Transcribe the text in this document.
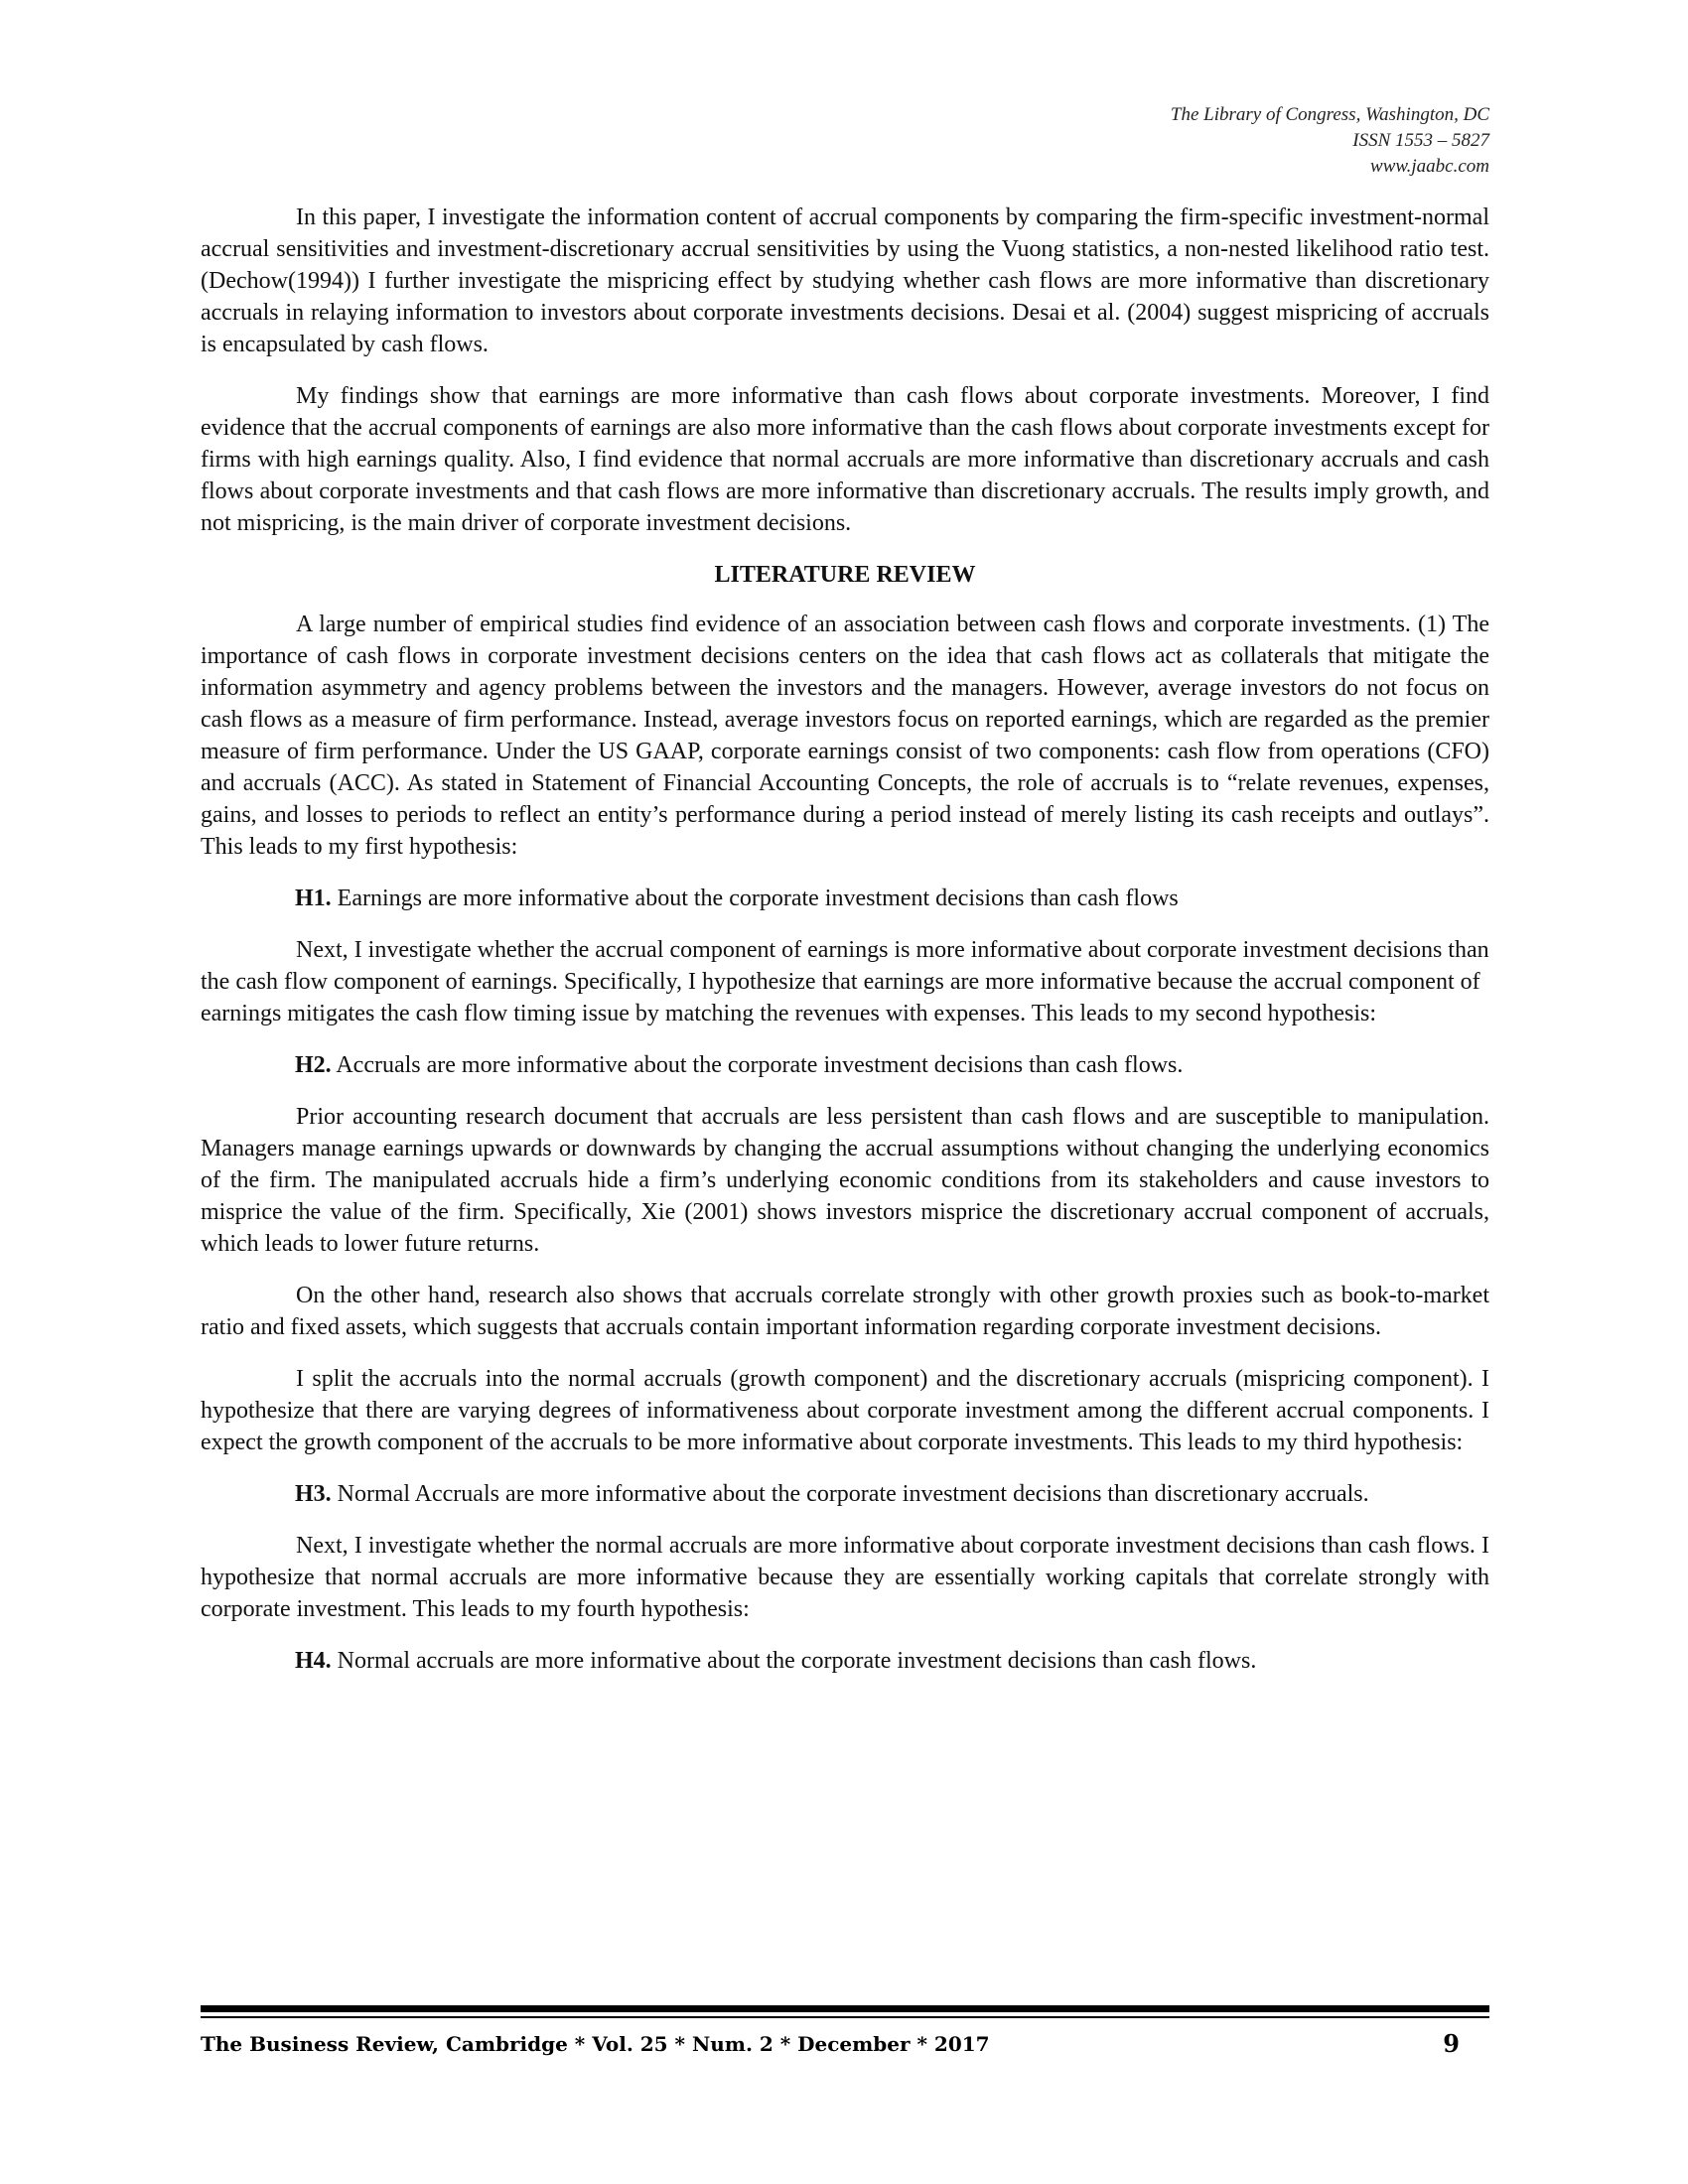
The Library of Congress, Washington, DC
ISSN 1553 – 5827
www.jaabc.com

In this paper, I investigate the information content of accrual components by comparing the firm-specific investment-normal accrual sensitivities and investment-discretionary accrual sensitivities by using the Vuong statistics, a non-nested likelihood ratio test. (Dechow(1994)) I further investigate the mispricing effect by studying whether cash flows are more informative than discretionary accruals in relaying information to investors about corporate investments decisions. Desai et al. (2004) suggest mispricing of accruals is encapsulated by cash flows.

My findings show that earnings are more informative than cash flows about corporate investments. Moreover, I find evidence that the accrual components of earnings are also more informative than the cash flows about corporate investments except for firms with high earnings quality. Also, I find evidence that normal accruals are more informative than discretionary accruals and cash flows about corporate investments and that cash flows are more informative than discretionary accruals. The results imply growth, and not mispricing, is the main driver of corporate investment decisions.

LITERATURE REVIEW

A large number of empirical studies find evidence of an association between cash flows and corporate investments. (1) The importance of cash flows in corporate investment decisions centers on the idea that cash flows act as collaterals that mitigate the information asymmetry and agency problems between the investors and the managers. However, average investors do not focus on cash flows as a measure of firm performance. Instead, average investors focus on reported earnings, which are regarded as the premier measure of firm performance. Under the US GAAP, corporate earnings consist of two components: cash flow from operations (CFO) and accruals (ACC). As stated in Statement of Financial Accounting Concepts, the role of accruals is to “relate revenues, expenses, gains, and losses to periods to reflect an entity’s performance during a period instead of merely listing its cash receipts and outlays”. This leads to my first hypothesis:

H1. Earnings are more informative about the corporate investment decisions than cash flows

Next, I investigate whether the accrual component of earnings is more informative about corporate investment decisions than the cash flow component of earnings. Specifically, I hypothesize that earnings are more informative because the accrual component of earnings mitigates the cash flow timing issue by matching the revenues with expenses. This leads to my second hypothesis:

H2. Accruals are more informative about the corporate investment decisions than cash flows.

Prior accounting research document that accruals are less persistent than cash flows and are susceptible to manipulation. Managers manage earnings upwards or downwards by changing the accrual assumptions without changing the underlying economics of the firm. The manipulated accruals hide a firm’s underlying economic conditions from its stakeholders and cause investors to misprice the value of the firm. Specifically, Xie (2001) shows investors misprice the discretionary accrual component of accruals, which leads to lower future returns.

On the other hand, research also shows that accruals correlate strongly with other growth proxies such as book-to-market ratio and fixed assets, which suggests that accruals contain important information regarding corporate investment decisions.

I split the accruals into the normal accruals (growth component) and the discretionary accruals (mispricing component). I hypothesize that there are varying degrees of informativeness about corporate investment among the different accrual components. I expect the growth component of the accruals to be more informative about corporate investments. This leads to my third hypothesis:

H3. Normal Accruals are more informative about the corporate investment decisions than discretionary accruals.

Next, I investigate whether the normal accruals are more informative about corporate investment decisions than cash flows. I hypothesize that normal accruals are more informative because they are essentially working capitals that correlate strongly with corporate investment. This leads to my fourth hypothesis:

H4. Normal accruals are more informative about the corporate investment decisions than cash flows.

The Business Review, Cambridge * Vol. 25 * Num. 2 * December * 2017	9
